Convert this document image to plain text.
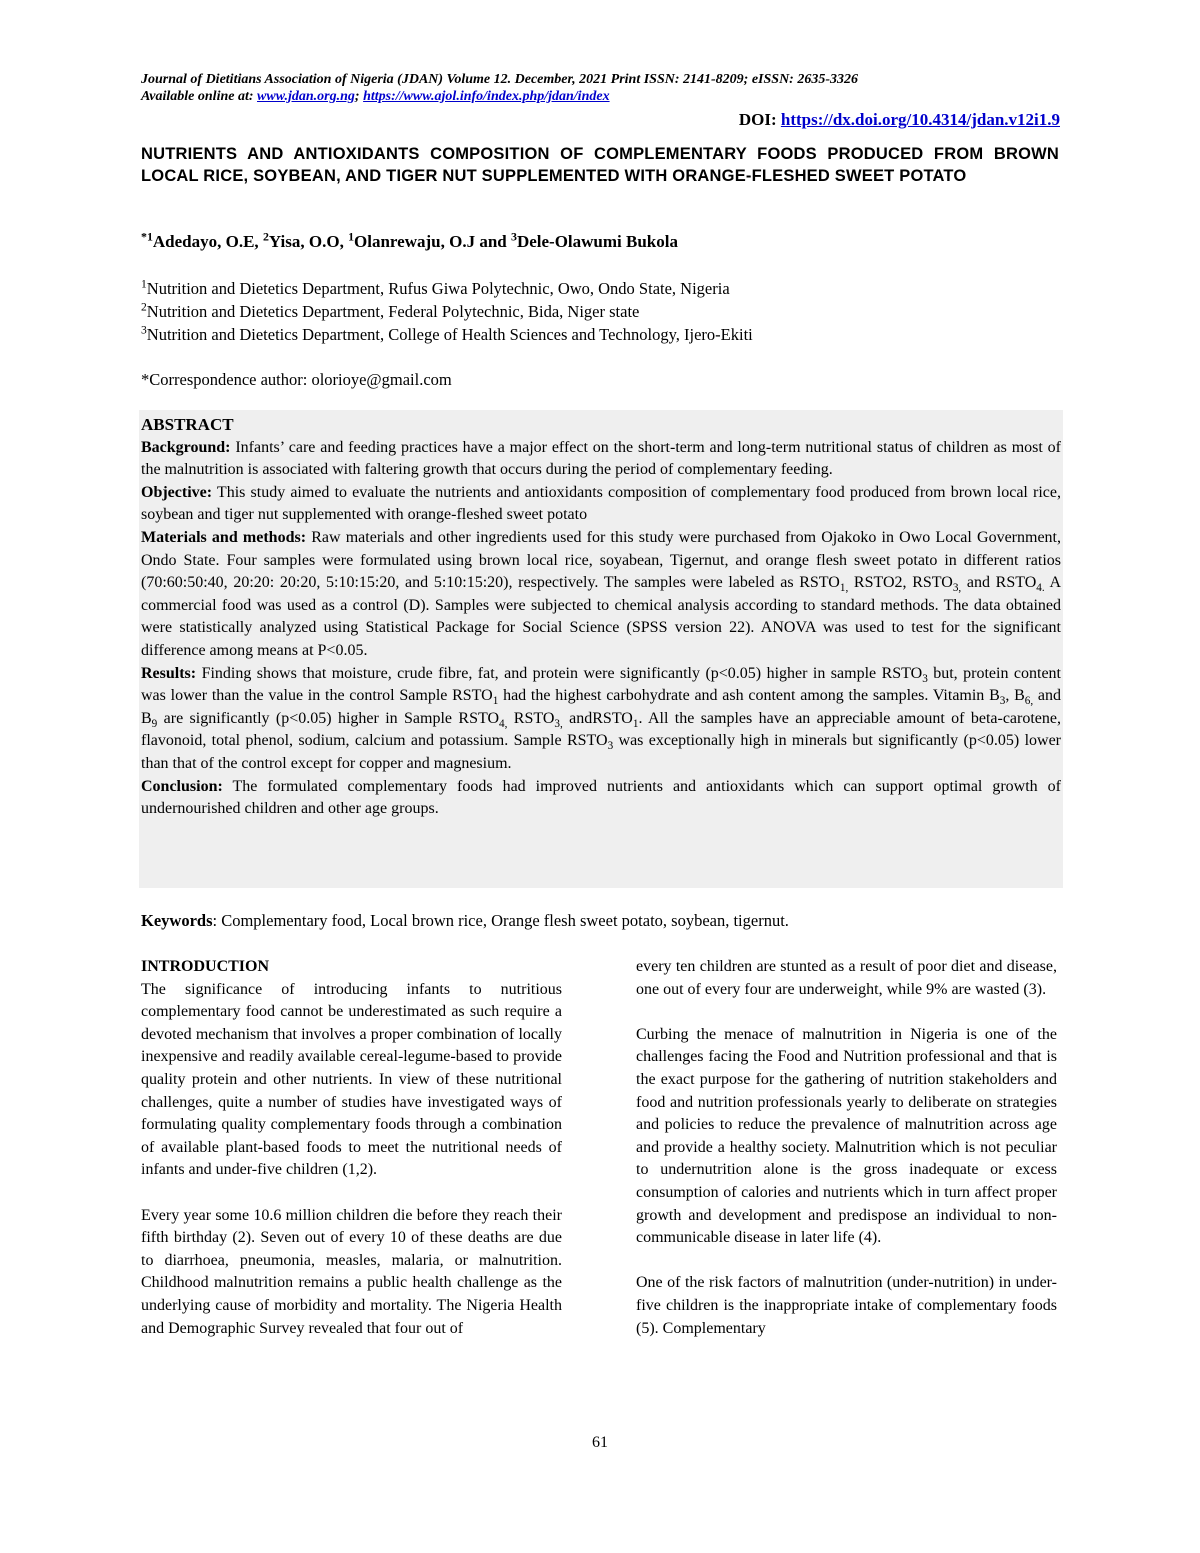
Journal of Dietitians Association of Nigeria (JDAN) Volume 12. December, 2021 Print ISSN: 2141-8209; eISSN: 2635-3326
Available online at: www.jdan.org.ng; https://www.ajol.info/index.php/jdan/index
DOI: https://dx.doi.org/10.4314/jdan.v12i1.9
NUTRIENTS AND ANTIOXIDANTS COMPOSITION OF COMPLEMENTARY FOODS PRODUCED FROM BROWN LOCAL RICE, SOYBEAN, AND TIGER NUT SUPPLEMENTED WITH ORANGE-FLESHED SWEET POTATO
$^{*1}$Adedayo, O.E, $^2$Yisa, O.O, $^1$Olanrewaju, O.J and $^3$Dele-Olawumi Bukola
$^1$Nutrition and Dietetics Department, Rufus Giwa Polytechnic, Owo, Ondo State, Nigeria
$^2$Nutrition and Dietetics Department, Federal Polytechnic, Bida, Niger state
$^3$Nutrition and Dietetics Department, College of Health Sciences and Technology, Ijero-Ekiti
*Correspondence author: olorioye@gmail.com

ABSTRACT

Background: Infants’ care and feeding practices have a major effect on the short-term and long-term nutritional status of children as most of the malnutrition is associated with faltering growth that occurs during the period of complementary feeding.

Objective: This study aimed to evaluate the nutrients and antioxidants composition of complementary food produced from brown local rice, soybean and tiger nut supplemented with orange-fleshed sweet potato

Materials and methods: Raw materials and other ingredients used for this study were purchased from Ojakoko in Owo Local Government, Ondo State. Four samples were formulated using brown local rice, soyabean, Tigernut, and orange flesh sweet potato in different ratios (70:60:50:40, 20:20: 20:20, 5:10:15:20, and 5:10:15:20), respectively. The samples were labeled as $RSTO_{1,}$ RSTO2, $RSTO_{3,}$ and $RSTO_{4.}$ A commercial food was used as a control (D). Samples were subjected to chemical analysis according to standard methods. The data obtained were statistically analyzed using Statistical Package for Social Science (SPSS version 22). ANOVA was used to test for the significant difference among means at P<0.05.

Results: Finding shows that moisture, crude fibre, fat, and protein were significantly (p<0.05) higher in sample $RSTO_3$ but, protein content was lower than the value in the control Sample $RSTO_1$ had the highest carbohydrate and ash content among the samples. Vitamin $B_3$, $B_{6,}$ and $B_9$ are significantly (p<0.05) higher in Sample $RSTO_{4,}$ $RSTO_{3,}$ andRSTO$_1$. All the samples have an appreciable amount of beta-carotene, flavonoid, total phenol, sodium, calcium and potassium. Sample $RSTO_3$ was exceptionally high in minerals but significantly (p<0.05) lower than that of the control except for copper and magnesium.

Conclusion: The formulated complementary foods had improved nutrients and antioxidants which can support optimal growth of undernourished children and other age groups.

Keywords: Complementary food, Local brown rice, Orange flesh sweet potato, soybean, tigernut.

INTRODUCTION

The significance of introducing infants to nutritious complementary food cannot be underestimated as such require a devoted mechanism that involves a proper combination of locally inexpensive and readily available cereal-legume-based to provide quality protein and other nutrients. In view of these nutritional challenges, quite a number of studies have investigated ways of formulating quality complementary foods through a combination of available plant-based foods to meet the nutritional needs of infants and under-five children (1,2).

Every year some 10.6 million children die before they reach their fifth birthday (2). Seven out of every 10 of these deaths are due to diarrhoea, pneumonia, measles, malaria, or malnutrition. Childhood malnutrition remains a public health challenge as the underlying cause of morbidity and mortality. The Nigeria Health and Demographic Survey revealed that four out of

every ten children are stunted as a result of poor diet and disease, one out of every four are underweight, while 9% are wasted (3).

Curbing the menace of malnutrition in Nigeria is one of the challenges facing the Food and Nutrition professional and that is the exact purpose for the gathering of nutrition stakeholders and food and nutrition professionals yearly to deliberate on strategies and policies to reduce the prevalence of malnutrition across age and provide a healthy society. Malnutrition which is not peculiar to undernutrition alone is the gross inadequate or excess consumption of calories and nutrients which in turn affect proper growth and development and predispose an individual to non-communicable disease in later life (4).

One of the risk factors of malnutrition (under-nutrition) in under-five children is the inappropriate intake of complementary foods (5). Complementary

61
